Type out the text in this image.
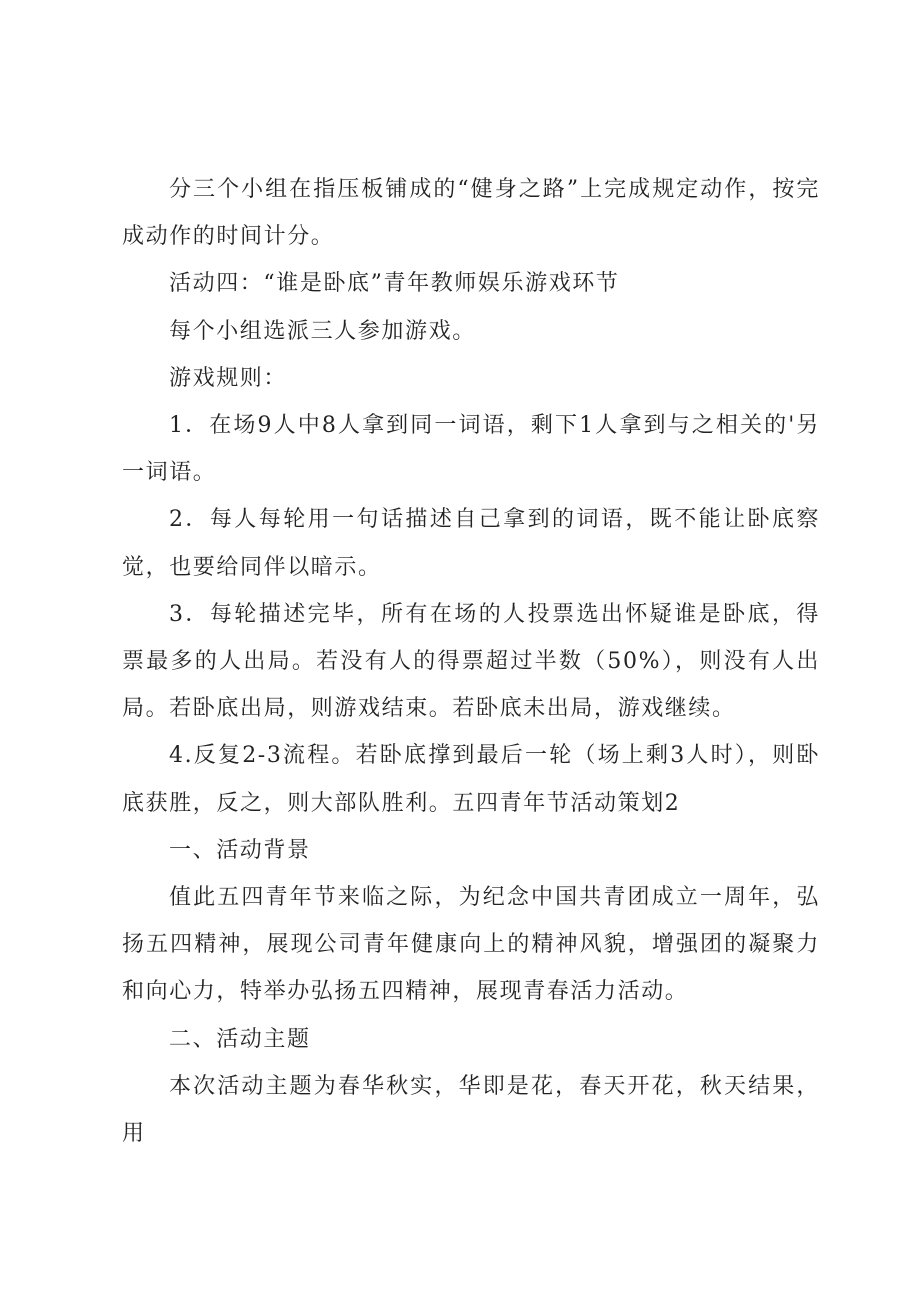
分三个小组在指压板铺成的“健身之路”上完成规定动作，按完成动作的时间计分。

活动四：“谁是卧底”青年教师娱乐游戏环节

每个小组选派三人参加游戏。

游戏规则：

1．在场9人中8人拿到同一词语，剩下1人拿到与之相关的'另一词语。

2．每人每轮用一句话描述自己拿到的词语，既不能让卧底察觉，也要给同伴以暗示。

3．每轮描述完毕，所有在场的人投票选出怀疑谁是卧底，得票最多的人出局。若没有人的得票超过半数（50%），则没有人出局。若卧底出局，则游戏结束。若卧底未出局，游戏继续。

4.反复2-3流程。若卧底撑到最后一轮（场上剩3人时），则卧底获胜，反之，则大部队胜利。五四青年节活动策划2

一、活动背景

值此五四青年节来临之际，为纪念中国共青团成立一周年，弘扬五四精神，展现公司青年健康向上的精神风貌，增强团的凝聚力和向心力，特举办弘扬五四精神，展现青春活力活动。

二、活动主题

本次活动主题为春华秋实，华即是花，春天开花，秋天结果，用
